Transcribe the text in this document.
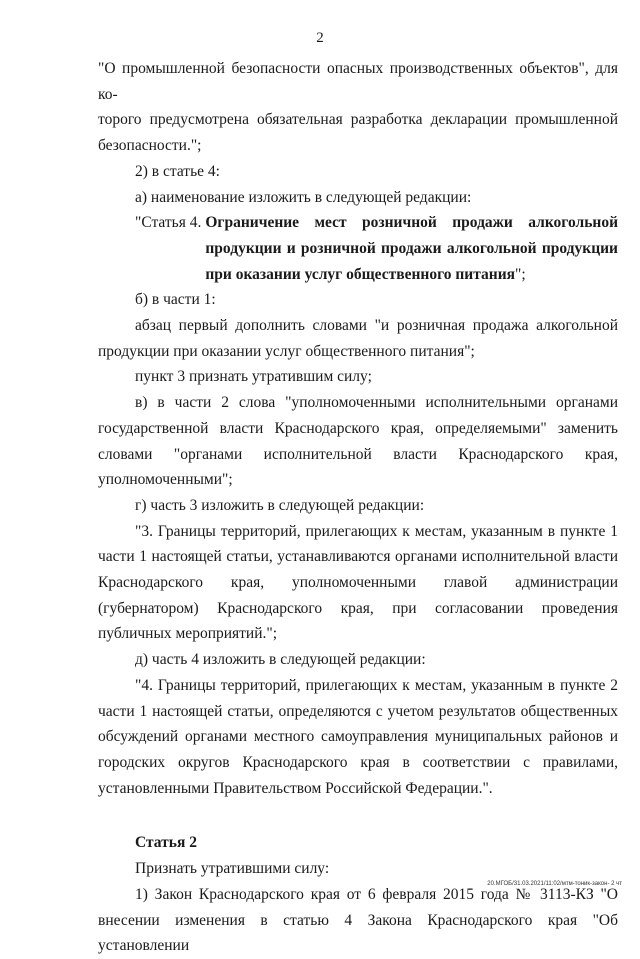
2

"О промышленной безопасности опасных производственных объектов", для ко-

торого предусмотрена обязательная разработка декларации промышленной

безопасности.";

2) в статье 4:

а) наименование изложить в следующей редакции:

"Статья 4. Ограничение мест розничной продажи алкогольной продукции и розничной продажи алкогольной продукции при оказании услуг общественного питания";

б) в части 1:

абзац первый дополнить словами "и розничная продажа алкогольной продукции при оказании услуг общественного питания";

пункт 3 признать утратившим силу;

в) в части 2 слова "уполномоченными исполнительными органами государственной власти Краснодарского края, определяемыми" заменить словами "органами исполнительной власти Краснодарского края, уполномоченными";

г) часть 3 изложить в следующей редакции:

"3. Границы территорий, прилегающих к местам, указанным в пункте 1 части 1 настоящей статьи, устанавливаются органами исполнительной власти Краснодарского края, уполномоченными главой администрации (губернатором) Краснодарского края, при согласовании проведения публичных мероприятий.";

д) часть 4 изложить в следующей редакции:

"4. Границы территорий, прилегающих к местам, указанным в пункте 2 части 1 настоящей статьи, определяются с учетом результатов общественных обсуждений органами местного самоуправления муниципальных районов и городских округов Краснодарского края в соответствии с правилами, установленными Правительством Российской Федерации.".

Статья 2

Признать утратившими силу:

1) Закон Краснодарского края от 6 февраля 2015 года № 3113-КЗ "О внесении изменения в статью 4 Закона Краснодарского края "Об установлении

20.МГОБ/31.03.2021/11:02/мтм-тоник-закон- 2 чт
